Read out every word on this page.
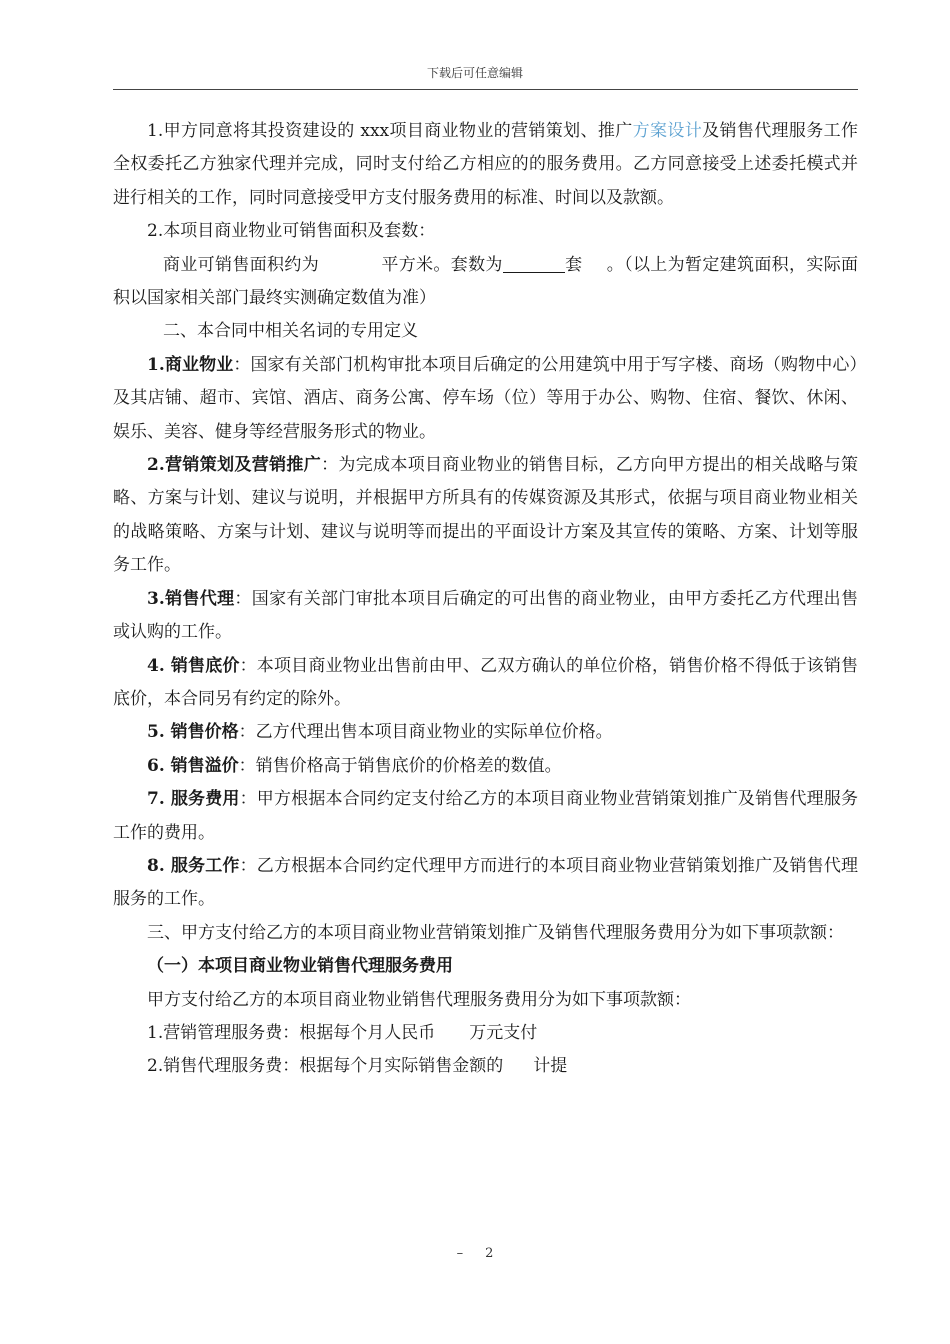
下载后可任意编辑

1.甲方同意将其投资建设的 xxx项目商业物业的营销策划、推广方案设计及销售代理服务工作全权委托乙方独家代理并完成，同时支付给乙方相应的的服务费用。乙方同意接受上述委托模式并进行相关的工作，同时同意接受甲方支付服务费用的标准、时间以及款额。

2.本项目商业物业可销售面积及套数：

商业可销售面积约为	平方米。套数为	套 。（以上为暂定建筑面积，实际面积以国家相关部门最终实测确定数值为准）

二、本合同中相关名词的专用定义

1.商业物业：国家有关部门机构审批本项目后确定的公用建筑中用于写字楼、商场（购物中心）及其店铺、超市、宾馆、酒店、商务公寓、停车场（位）等用于办公、购物、住宿、餐饮、休闲、娱乐、美容、健身等经营服务形式的物业。

2.营销策划及营销推广：为完成本项目商业物业的销售目标，乙方向甲方提出的相关战略与策略、方案与计划、建议与说明，并根据甲方所具有的传媒资源及其形式，依据与项目商业物业相关的战略策略、方案与计划、建议与说明等而提出的平面设计方案及其宣传的策略、方案、计划等服务工作。

3.销售代理：国家有关部门审批本项目后确定的可出售的商业物业，由甲方委托乙方代理出售或认购的工作。

4. 销售底价：本项目商业物业出售前由甲、乙双方确认的单位价格，销售价格不得低于该销售底价，本合同另有约定的除外。

5. 销售价格：乙方代理出售本项目商业物业的实际单位价格。

6. 销售溢价：销售价格高于销售底价的价格差的数值。

7. 服务费用：甲方根据本合同约定支付给乙方的本项目商业物业营销策划推广及销售代理服务工作的费用。

8. 服务工作：乙方根据本合同约定代理甲方而进行的本项目商业物业营销策划推广及销售代理服务的工作。

三、甲方支付给乙方的本项目商业物业营销策划推广及销售代理服务费用分为如下事项款额：

（一）本项目商业物业销售代理服务费用

甲方支付给乙方的本项目商业物业销售代理服务费用分为如下事项款额：

1.营销管理服务费：根据每个月人民币 万元支付

2.销售代理服务费：根据每个月实际销售金额的 计提

– 2
